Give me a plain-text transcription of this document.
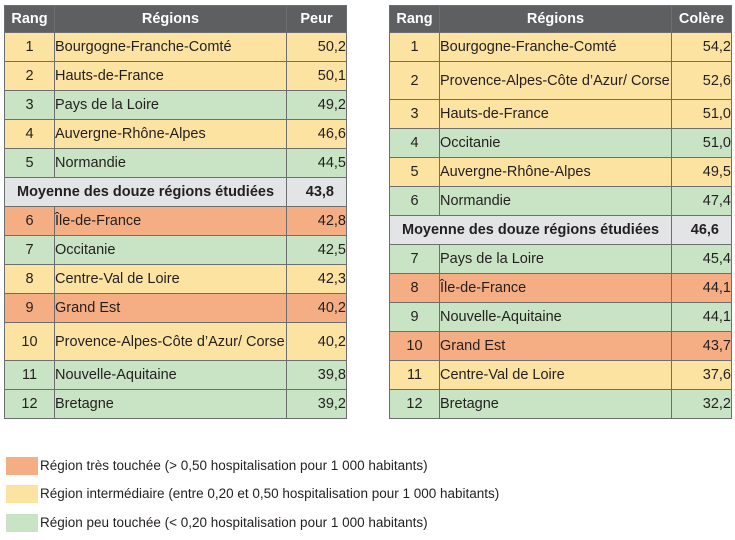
Rang	Régions	Peur
1	Bourgogne-Franche-Comté	50,2
2	Hauts-de-France	50,1
3	Pays de la Loire	49,2
4	Auvergne-Rhône-Alpes	46,6
5	Normandie	44,5
Moyenne des douze régions étudiées		43,8
6	Île-de-France	42,8
7	Occitanie	42,5
8	Centre-Val de Loire	42,3
9	Grand Est	40,2
10	Provence-Alpes-Côte d’Azur/ Corse	40,2
11	Nouvelle-Aquitaine	39,8
12	Bretagne	39,2
Rang	Régions	Colère
1	Bourgogne-Franche-Comté	54,2
2	Provence-Alpes-Côte d’Azur/ Corse	52,6
3	Hauts-de-France	51,0
4	Occitanie	51,0
5	Auvergne-Rhône-Alpes	49,5
6	Normandie	47,4
Moyenne des douze régions étudiées		46,6
7	Pays de la Loire	45,4
8	Île-de-France	44,1
9	Nouvelle-Aquitaine	44,1
10	Grand Est	43,7
11	Centre-Val de Loire	37,6
12	Bretagne	32,2
Région très touchée (> 0,50 hospitalisation pour 1 000 habitants)
Région intermédiaire (entre 0,20 et 0,50 hospitalisation pour 1 000 habitants)
Région peu touchée (< 0,20 hospitalisation pour 1 000 habitants)
